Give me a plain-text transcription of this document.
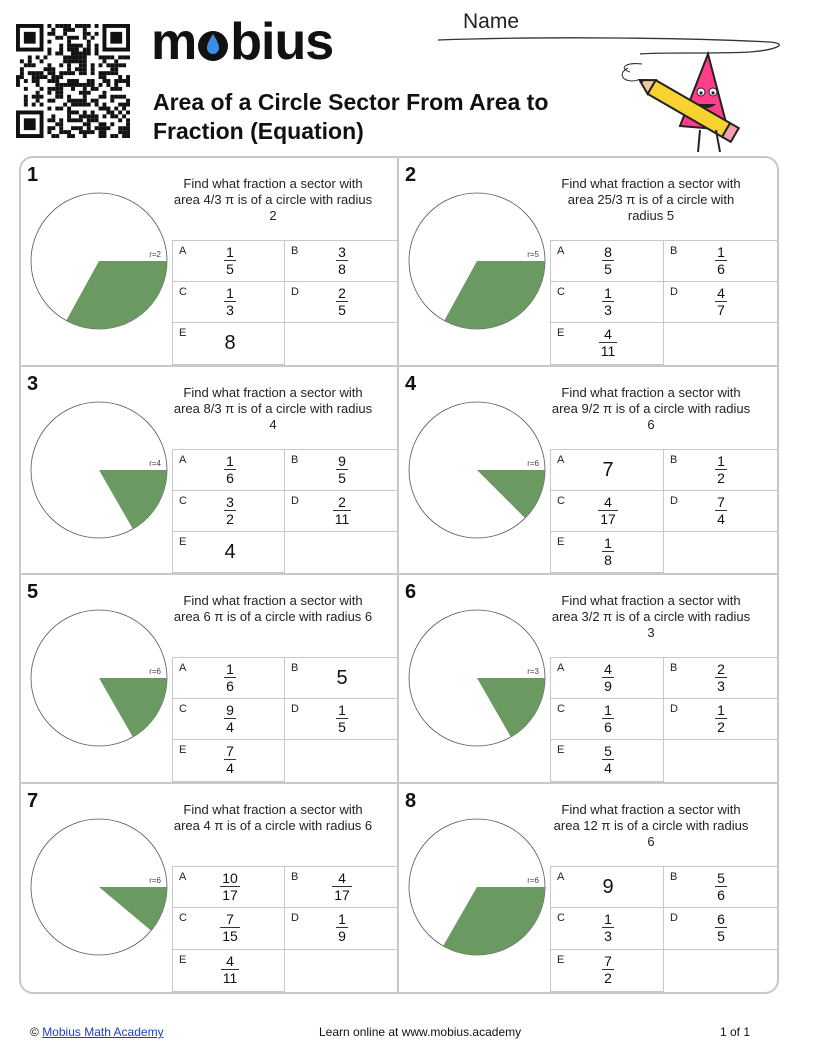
m bius
Area of a Circle Sector From Area to Fraction (Equation)
Name
1
r=2
Find what fraction a sector with area 4/3 π is of a circle with radius 2
A	$\frac{1}{5}$	B	$\frac{3}{8}$
C	$\frac{1}{3}$	D	$\frac{2}{5}$
E 8
2
r=5
Find what fraction a sector with area 25/3 π is of a circle with radius 5
A	$\frac{8}{5}$	B	$\frac{1}{6}$
C	$\frac{1}{3}$	D	$\frac{4}{7}$
E $\frac{4}{11}$
3
r=4
Find what fraction a sector with area 8/3 π is of a circle with radius 4
A	$\frac{1}{6}$	B	$\frac{9}{5}$
C	$\frac{3}{2}$	D $\frac{2}{11}$
E 4
4
r=6
Find what fraction a sector with area 9/2 π is of a circle with radius 6
A 7	B	$\frac{1}{2}$
C $\frac{4}{17}$	D	$\frac{7}{4}$
E	$\frac{1}{8}$
5
r=6
Find what fraction a sector with area 6 π is of a circle with radius 6
A	$\frac{1}{6}$	B 5
C	$\frac{9}{4}$	D	$\frac{1}{5}$
E	$\frac{7}{4}$
6
r=3
Find what fraction a sector with area 3/2 π is of a circle with radius 3
A	$\frac{4}{9}$	B	$\frac{2}{3}$
C	$\frac{1}{6}$	D	$\frac{1}{2}$
E	$\frac{5}{4}$
7
r=6
Find what fraction a sector with area 4 π is of a circle with radius 6
A $\frac{10}{17}$	B $\frac{4}{17}$
C $\frac{7}{15}$	D	$\frac{1}{9}$
E $\frac{4}{11}$
8
r=6
Find what fraction a sector with area 12 π is of a circle with radius 6
A 9	B	$\frac{5}{6}$
C	$\frac{1}{3}$	D	$\frac{6}{5}$
E	$\frac{7}{2}$
© Mobius Math Academy	Learn online at www.mobius.academy	1 of 1
